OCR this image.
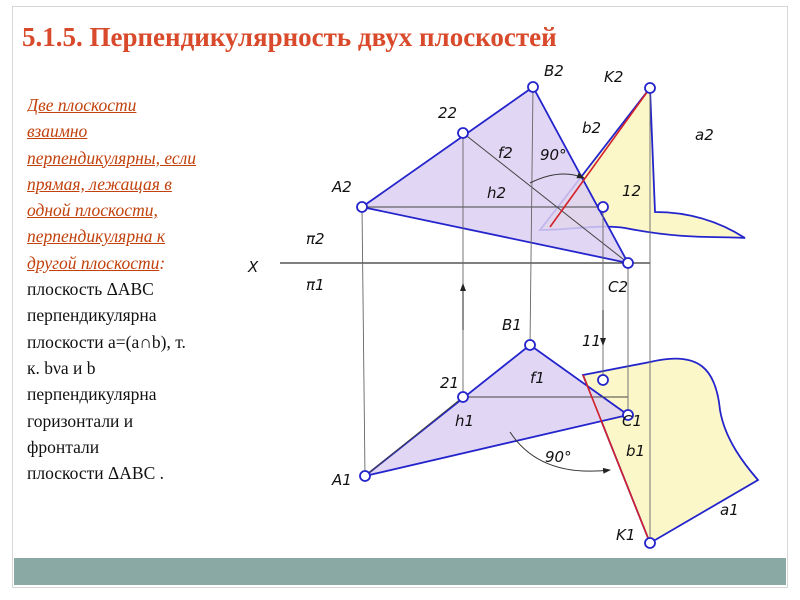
5.1.5. Перпендикулярность двух плоскостей
Две плоскости
взаимно
перпендикулярны, если
прямая, лежащая в
одной плоскости,
перпендикулярна к
другой плоскости:
плоскость ΔABC
перпендикулярна
плоскости a=(a∩b), т.
к. bνa и b
перпендикулярна
горизонтали и
фронтали
плоскости ΔABC .
X
π2
π1
A2
B2
C2
22
12
K2
f2
h2
b2	a2
90°
A1
B1
C1
21
11
K1
f1
h1
b1
a1
90°
